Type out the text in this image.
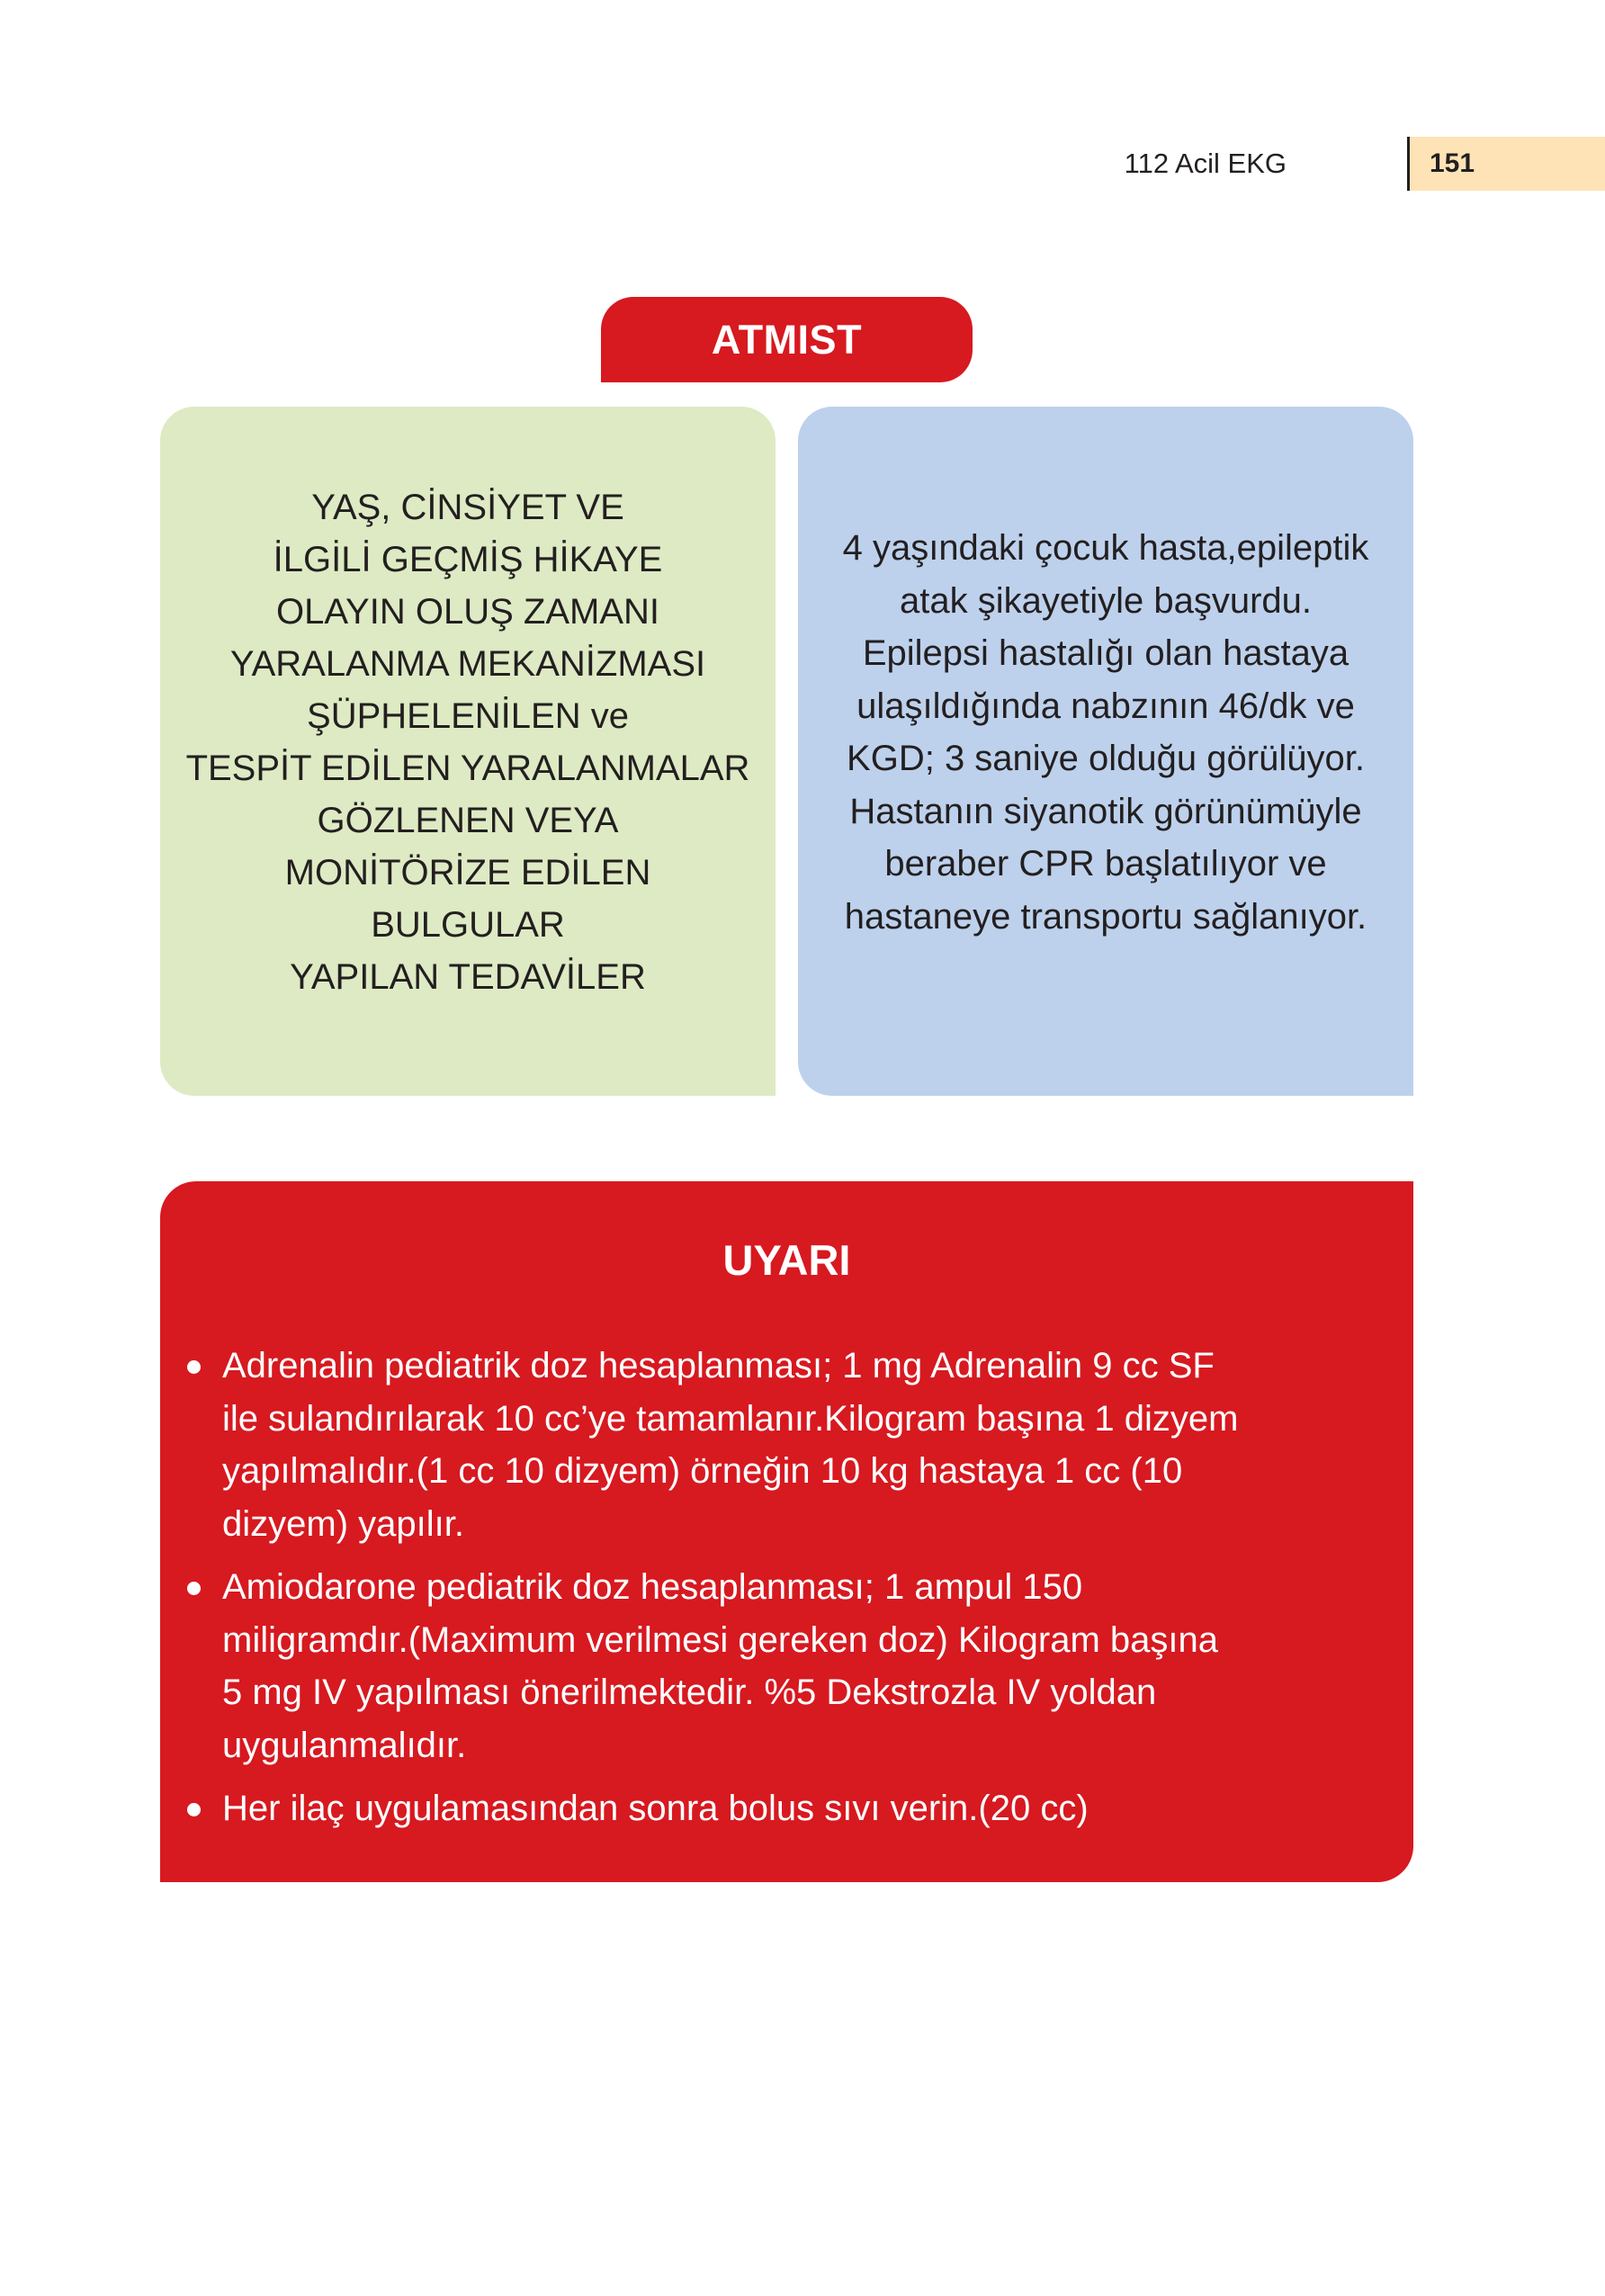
112 Acil EKG	151
ATMIST
YAŞ, CİNSİYET VE
İLGİLİ GEÇMİŞ HİKAYE
OLAYIN OLUŞ ZAMANI
YARALANMA MEKANİZMASI
ŞÜPHELENİLEN ve
TESPİT EDİLEN YARALANMALAR
GÖZLENEN VEYA
MONİTÖRİZE EDİLEN
BULGULAR
YAPILAN TEDAVİLER
4 yaşındaki çocuk hasta,epileptik
atak şikayetiyle başvurdu.
Epilepsi hastalığı olan hastaya
ulaşıldığında nabzının 46/dk ve
KGD; 3 saniye olduğu görülüyor.
Hastanın siyanotik görünümüyle
beraber CPR başlatılıyor ve
hastaneye transportu sağlanıyor.
UYARI
Adrenalin pediatrik doz hesaplanması; 1 mg Adrenalin 9 cc SF
ile sulandırılarak 10 cc’ye tamamlanır.Kilogram başına 1 dizyem
yapılmalıdır.(1 cc 10 dizyem) örneğin 10 kg hastaya 1 cc (10
dizyem) yapılır.
Amiodarone pediatrik doz hesaplanması; 1 ampul 150
miligramdır.(Maximum verilmesi gereken doz) Kilogram başına
5 mg IV yapılması önerilmektedir. %5 Dekstrozla IV yoldan
uygulanmalıdır.
Her ilaç uygulamasından sonra bolus sıvı verin.(20 cc)
